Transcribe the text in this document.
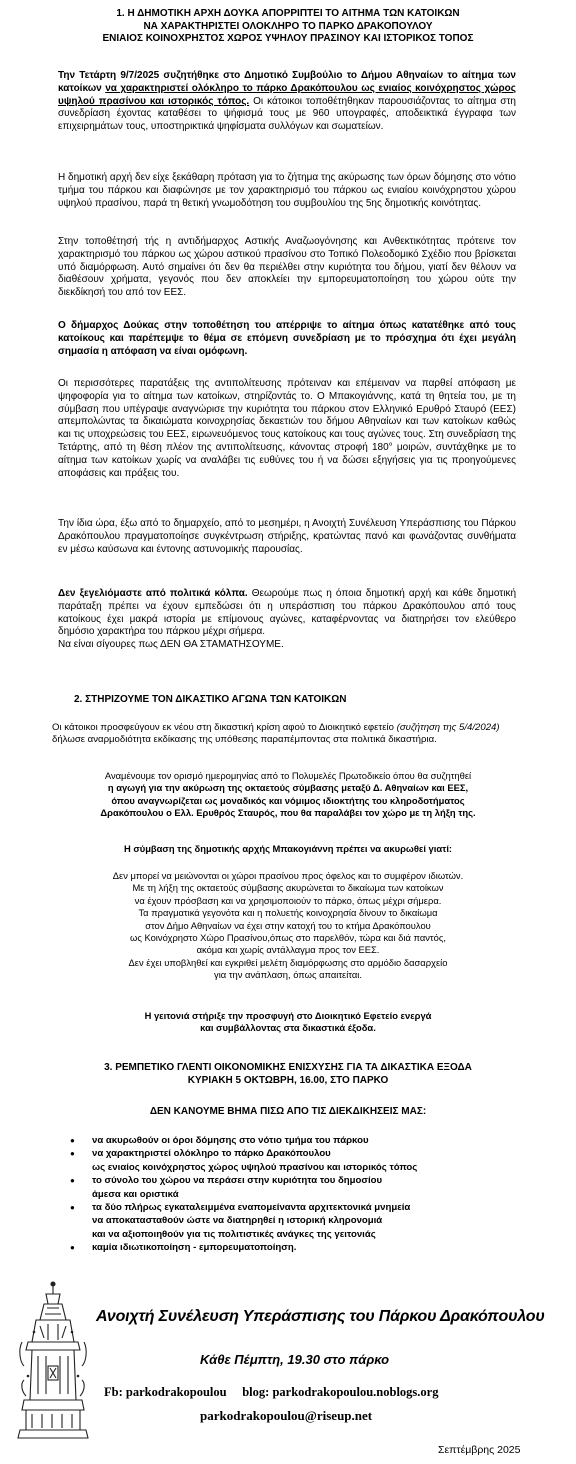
1. Η ΔΗΜΟΤΙΚΗ ΑΡΧΗ ΔΟΥΚΑ ΑΠΟΡΡΙΠΤΕΙ ΤΟ ΑΙΤΗΜΑ ΤΩΝ ΚΑΤΟΙΚΩΝ
ΝΑ ΧΑΡΑΚΤΗΡΙΣΤΕΙ ΟΛΟΚΛΗΡΟ ΤΟ ΠΑΡΚΟ ΔΡΑΚΟΠΟΥΛΟΥ
ΕΝΙΑΙΟΣ ΚΟΙΝΟΧΡΗΣΤΟΣ ΧΩΡΟΣ ΥΨΗΛΟΥ ΠΡΑΣΙΝΟΥ ΚΑΙ ΙΣΤΟΡΙΚΟΣ ΤΟΠΟΣ

Την Τετάρτη 9/7/2025 συζητήθηκε στο Δημοτικό Συμβούλιο το Δήμου Αθηναίων το αίτημα των κατοίκων να χαρακτηριστεί ολόκληρο το πάρκο Δρακόπουλου ως ενιαίος κοινόχρηστος χώρος υψηλού πρασίνου και ιστορικός τόπος. Οι κάτοικοι τοποθέτηθηκαν παρουσιάζοντας το αίτημα στη συνεδρίαση έχοντας καταθέσει το ψήφισμά τους με 960 υπογραφές, αποδεικτικά έγγραφα των επιχειρημάτων τους, υποστηρικτικά ψηφίσματα συλλόγων και σωματείων.

Η δημοτική αρχή δεν είχε ξεκάθαρη πρόταση για το ζήτημα της ακύρωσης των όρων δόμησης στο νότιο τμήμα του πάρκου και διαφώνησε με τον χαρακτηρισμό του πάρκου ως ενιαίου κοινόχρηστου χώρου υψηλού πρασίνου, παρά τη θετική γνωμοδότηση του συμβουλίου της 5ης δημοτικής κοινότητας.

Στην τοποθέτησή τής η αντιδήμαρχος Αστικής Αναζωογόνησης και Ανθεκτικότητας πρότεινε τον χαρακτηρισμό του πάρκου ως χώρου αστικού πρασίνου στο Τοπικό Πολεοδομικό Σχέδιο που βρίσκεται υπό διαμόρφωση. Αυτό σημαίνει ότι δεν θα περιέλθει στην κυριότητα του δήμου, γιατί δεν θέλουν να διαθέσουν χρήματα, γεγονός που δεν αποκλείει την εμπορευματοποίηση του χώρου ούτε την διεκδίκησή του από τον ΕΕΣ.

Ο δήμαρχος Δούκας στην τοποθέτηση του απέρριψε το αίτημα όπως κατατέθηκε από τους κατοίκους και παρέπεμψε το θέμα σε επόμενη συνεδρίαση με το πρόσχημα ότι έχει μεγάλη σημασία η απόφαση να είναι ομόφωνη.

Οι περισσότερες παρατάξεις της αντιπολίτευσης πρότειναν και επέμειναν να παρθεί απόφαση με ψηφοφορία για το αίτημα των κατοίκων, στηρίζοντάς το. Ο Μπακογιάννης, κατά τη θητεία του, με τη σύμβαση που υπέγραψε αναγνώρισε την κυριότητα του πάρκου στον Ελληνικό Ερυθρό Σταυρό (ΕΕΣ) απεμπολώντας τα δικαιώματα κοινοχρησίας δεκαετιών του δήμου Αθηναίων και των κατοίκων καθώς και τις υποχρεώσεις του ΕΕΣ, ειρωνευόμενος τους κατοίκους και τους αγώνες τους. Στη συνεδρίαση της Τετάρτης, από τη θέση πλέον της αντιπολίτευσης, κάνοντας στροφή 180° μοιρών, συντάχθηκε με το αίτημα των κατοίκων χωρίς να αναλάβει τις ευθύνες του ή να δώσει εξηγήσεις για τις προηγούμενες αποφάσεις και πράξεις του.

Την ίδια ώρα, έξω από το δημαρχείο, από το μεσημέρι, η Ανοιχτή Συνέλευση Υπεράσπισης του Πάρκου Δρακόπουλου πραγματοποίησε συγκέντρωση στήριξης, κρατώντας πανό και φωνάζοντας συνθήματα εν μέσω καύσωνα και έντονης αστυνομικής παρουσίας.

Δεν ξεγελιόμαστε από πολιτικά κόλπα. Θεωρούμε πως η όποια δημοτική αρχή και κάθε δημοτική παράταξη πρέπει να έχουν εμπεδώσει ότι η υπεράσπιση του πάρκου Δρακόπουλου από τους κατοίκους έχει μακρά ιστορία με επίμονους αγώνες, καταφέρνοντας να διατηρήσει τον ελεύθερο δημόσιο χαρακτήρα του πάρκου μέχρι σήμερα.
Να είναι σίγουρες πως ΔΕΝ ΘΑ ΣΤΑΜΑΤΗΣΟΥΜΕ.

2. ΣΤΗΡΙΖΟΥΜΕ ΤΟΝ ΔΙΚΑΣΤΙΚΟ ΑΓΩΝΑ ΤΩΝ ΚΑΤΟΙΚΩΝ

Οι κάτοικοι προσφεύγουν εκ νέου στη δικαστική κρίση αφού το Διοικητικό εφετείο (συζήτηση της 5/4/2024) δήλωσε αναρμοδιότητα εκδίκασης της υπόθεσης παραπέμποντας στα πολιτικά δικαστήρια.

Αναμένουμε τον ορισμό ημερομηνίας από το Πολυμελές Πρωτοδικείο όπου θα συζητηθεί
η αγωγή για την ακύρωση της οκταετούς σύμβασης μεταξύ Δ. Αθηναίων και ΕΕΣ,
όπου αναγνωρίζεται ως μοναδικός και νόμιμος ιδιοκτήτης του κληροδοτήματος
Δρακόπουλου ο Ελλ. Ερυθρός Σταυρός, που θα παραλάβει τον χώρο με τη λήξη της.
Η σύμβαση της δημοτικής αρχής Μπακογιάννη πρέπει να ακυρωθεί γιατί:
Δεν μπορεί να μειώνονται οι χώροι πρασίνου προς όφελος και το συμφέρον ιδιωτών.
Με τη λήξη της οκταετούς σύμβασης ακυρώνεται το δικαίωμα των κατοίκων
να έχουν πρόσβαση και να χρησιμοποιούν το πάρκο, όπως μέχρι σήμερα.
Τα πραγματικά γεγονότα και η πολυετής κοινοχρησία δίνουν το δικαίωμα
στον Δήμο Αθηναίων να έχει στην κατοχή του το κτήμα Δρακόπουλου
ως Κοινόχρηστο Χώρο Πρασίνου,όπως στο παρελθόν, τώρα και διά παντός,
ακόμα και χωρίς αντάλλαγμα προς τον ΕΕΣ.
Δεν έχει υποβληθεί και εγκριθεί μελέτη διαμόρφωσης στο αρμόδιο δασαρχείο
για την ανάπλαση, όπως απαιτείται.
Η γειτονιά στήριξε την προσφυγή στο Διοικητικό Εφετείο ενεργά
και συμβάλλοντας στα δικαστικά έξοδα.
3. ΡΕΜΠΕΤΙΚΟ ΓΛΕΝΤΙ ΟΙΚΟΝΟΜΙΚΗΣ ΕΝΙΣΧΥΣΗΣ ΓΙΑ ΤΑ ΔΙΚΑΣΤΙΚΑ ΕΞΟΔΑ
ΚΥΡΙΑΚΗ 5 ΟΚΤΩΒΡΗ, 16.00, ΣΤΟ ΠΑΡΚΟ
ΔΕΝ ΚΑΝΟΥΜΕ ΒΗΜΑ ΠΙΣΩ ΑΠΟ ΤΙΣ ΔΙΕΚΔΙΚΗΣΕΙΣ ΜΑΣ:
● να ακυρωθούν οι όροι δόμησης στο νότιο τμήμα του πάρκου
● να χαρακτηριστεί ολόκληρο το πάρκο Δρακόπουλου
ως ενιαίος κοινόχρηστος χώρος υψηλού πρασίνου και ιστορικός τόπος
● το σύνολο του χώρου να περάσει στην κυριότητα του δημοσίου
άμεσα και οριστικά
● τα δύο πλήρως εγκαταλειμμένα εναπομείναντα αρχιτεκτονικά μνημεία
να αποκατασταθούν ώστε να διατηρηθεί η ιστορική κληρονομιά
και να αξιοποιηθούν για τις πολιτιστικές ανάγκες της γειτονιάς
● καμία ιδιωτικοποίηση - εμπορευματοποίηση.
Ανοιχτή Συνέλευση Υπεράσπισης του Πάρκου Δρακόπουλου
Κάθε Πέμπτη, 19.30 στο πάρκο
Fb: parkodrakopoulou     blog: parkodrakopoulou.noblogs.org
parkodrakopoulou@riseup.net
Σεπτέμβρης 2025
